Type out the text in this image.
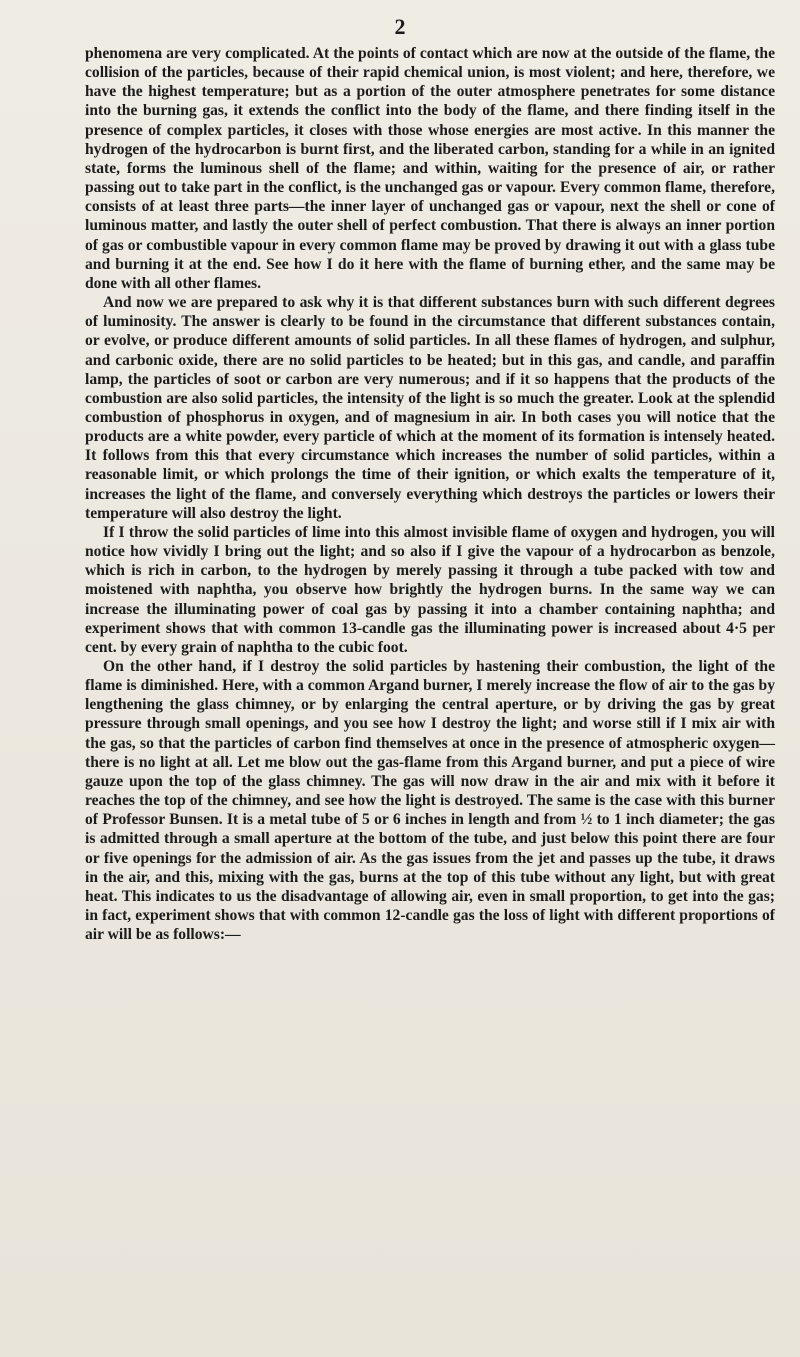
2

phenomena are very complicated. At the points of contact which are now at the outside of the flame, the collision of the particles, because of their rapid chemical union, is most violent; and here, therefore, we have the highest temperature; but as a portion of the outer atmosphere penetrates for some distance into the burning gas, it extends the conflict into the body of the flame, and there finding itself in the presence of complex particles, it closes with those whose energies are most active. In this manner the hydrogen of the hydrocarbon is burnt first, and the liberated carbon, standing for a while in an ignited state, forms the luminous shell of the flame; and within, waiting for the presence of air, or rather passing out to take part in the conflict, is the unchanged gas or vapour. Every common flame, therefore, consists of at least three parts—the inner layer of unchanged gas or vapour, next the shell or cone of luminous matter, and lastly the outer shell of perfect combustion. That there is always an inner portion of gas or combustible vapour in every common flame may be proved by drawing it out with a glass tube and burning it at the end. See how I do it here with the flame of burning ether, and the same may be done with all other flames.

And now we are prepared to ask why it is that different substances burn with such different degrees of luminosity. The answer is clearly to be found in the circumstance that different substances contain, or evolve, or produce different amounts of solid particles. In all these flames of hydrogen, and sulphur, and carbonic oxide, there are no solid particles to be heated; but in this gas, and candle, and paraffin lamp, the particles of soot or carbon are very numerous; and if it so happens that the products of the combustion are also solid particles, the intensity of the light is so much the greater. Look at the splendid combustion of phosphorus in oxygen, and of magnesium in air. In both cases you will notice that the products are a white powder, every particle of which at the moment of its formation is intensely heated. It follows from this that every circumstance which increases the number of solid particles, within a reasonable limit, or which prolongs the time of their ignition, or which exalts the temperature of it, increases the light of the flame, and conversely everything which destroys the particles or lowers their temperature will also destroy the light.

If I throw the solid particles of lime into this almost invisible flame of oxygen and hydrogen, you will notice how vividly I bring out the light; and so also if I give the vapour of a hydrocarbon as benzole, which is rich in carbon, to the hydrogen by merely passing it through a tube packed with tow and moistened with naphtha, you observe how brightly the hydrogen burns. In the same way we can increase the illuminating power of coal gas by passing it into a chamber containing naphtha; and experiment shows that with common 13-candle gas the illuminating power is increased about 4·5 per cent. by every grain of naphtha to the cubic foot.

On the other hand, if I destroy the solid particles by hastening their combustion, the light of the flame is diminished. Here, with a common Argand burner, I merely increase the flow of air to the gas by lengthening the glass chimney, or by enlarging the central aperture, or by driving the gas by great pressure through small openings, and you see how I destroy the light; and worse still if I mix air with the gas, so that the particles of carbon find themselves at once in the presence of atmospheric oxygen—there is no light at all. Let me blow out the gas-flame from this Argand burner, and put a piece of wire gauze upon the top of the glass chimney. The gas will now draw in the air and mix with it before it reaches the top of the chimney, and see how the light is destroyed. The same is the case with this burner of Professor Bunsen. It is a metal tube of 5 or 6 inches in length and from ½ to 1 inch diameter; the gas is admitted through a small aperture at the bottom of the tube, and just below this point there are four or five openings for the admission of air. As the gas issues from the jet and passes up the tube, it draws in the air, and this, mixing with the gas, burns at the top of this tube without any light, but with great heat. This indicates to us the disadvantage of allowing air, even in small proportion, to get into the gas; in fact, experiment shows that with common 12-candle gas the loss of light with different proportions of air will be as follows:—
